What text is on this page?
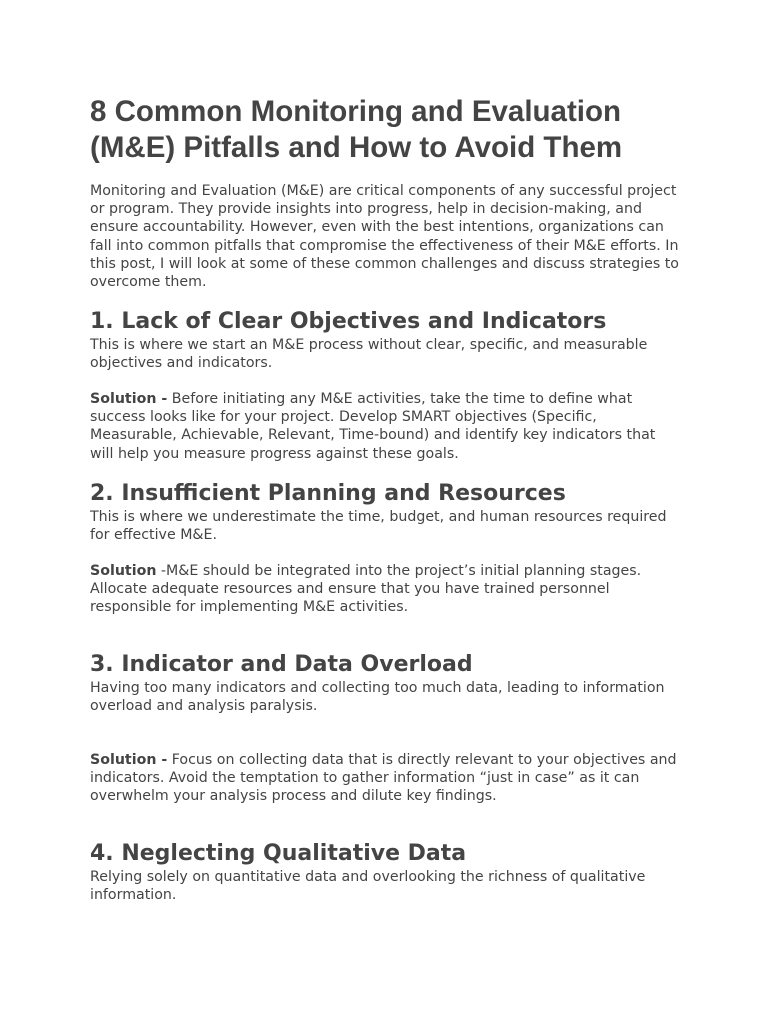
8 Common Monitoring and Evaluation (M&E) Pitfalls and How to Avoid Them

Monitoring and Evaluation (M&E) are critical components of any successful project or program. They provide insights into progress, help in decision-making, and ensure accountability. However, even with the best intentions, organizations can fall into common pitfalls that compromise the effectiveness of their M&E efforts. In this post, I will look at some of these common challenges and discuss strategies to overcome them.

1. Lack of Clear Objectives and Indicators

This is where we start an M&E process without clear, specific, and measurable objectives and indicators.

Solution - Before initiating any M&E activities, take the time to define what success looks like for your project. Develop SMART objectives (Specific, Measurable, Achievable, Relevant, Time-bound) and identify key indicators that will help you measure progress against these goals.

2. Insufficient Planning and Resources

This is where we underestimate the time, budget, and human resources required for effective M&E.

Solution -M&E should be integrated into the project’s initial planning stages. Allocate adequate resources and ensure that you have trained personnel responsible for implementing M&E activities.

3. Indicator and Data Overload

Having too many indicators and collecting too much data, leading to information overload and analysis paralysis.

Solution - Focus on collecting data that is directly relevant to your objectives and indicators. Avoid the temptation to gather information “just in case” as it can overwhelm your analysis process and dilute key findings.

4. Neglecting Qualitative Data

Relying solely on quantitative data and overlooking the richness of qualitative information.
